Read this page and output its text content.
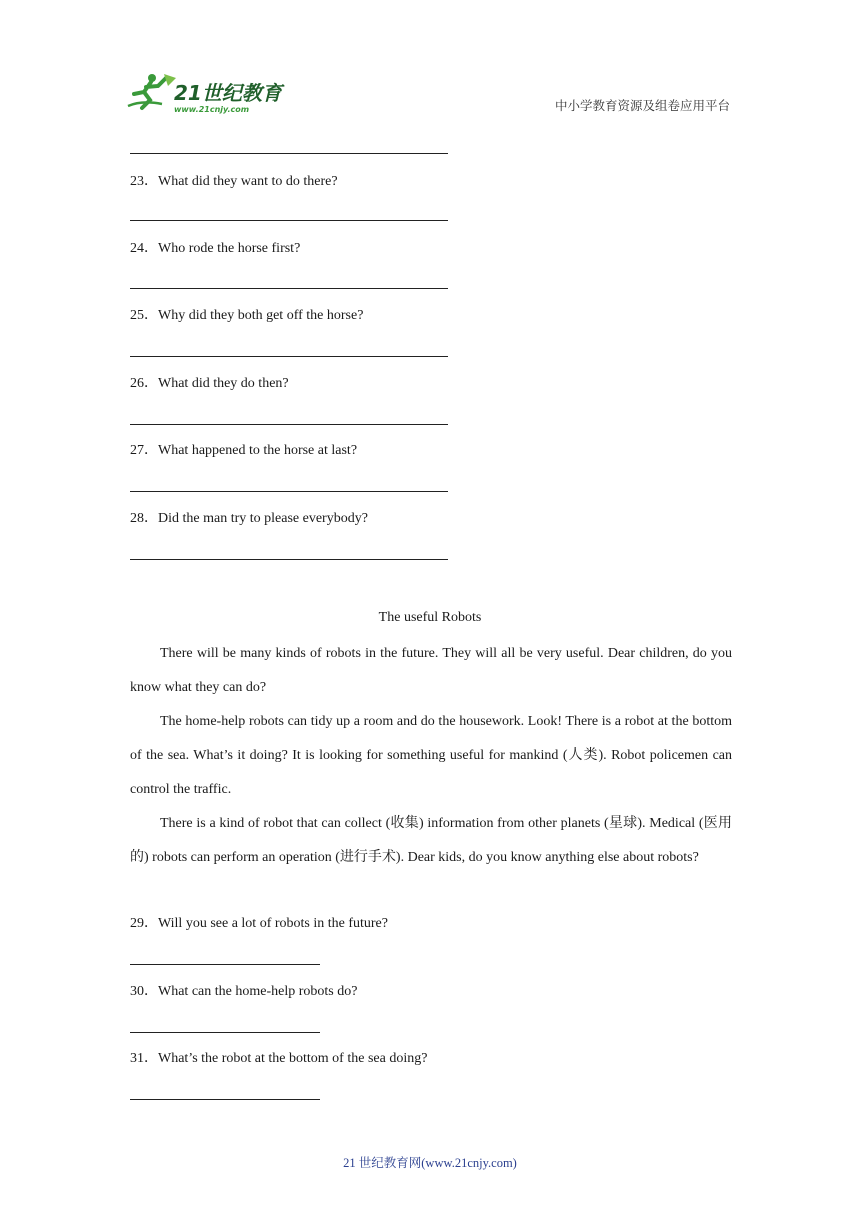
21世纪教育
www.21cnjy.com	中小学教育资源及组卷应用平台
23．What did they want to do there?
24．Who rode the horse first?
25．Why did they both get off the horse?
26．What did they do then?
27．What happened to the horse at last?
28．Did the man try to please everybody?
The useful Robots

There will be many kinds of robots in the future. They will all be very useful. Dear children, do you know what they can do?

The home-help robots can tidy up a room and do the housework. Look! There is a robot at the bottom of the sea. What’s it doing? It is looking for something useful for mankind (人类). Robot policemen can control the traffic.

There is a kind of robot that can collect (收集) information from other planets (星球). Medical (医用的) robots can perform an operation (进行手术). Dear kids, do you know anything else about robots?

29．Will you see a lot of robots in the future?
30．What can the home-help robots do?
31．What’s the robot at the bottom of the sea doing?
21 世纪教育网(www.21cnjy.com)
